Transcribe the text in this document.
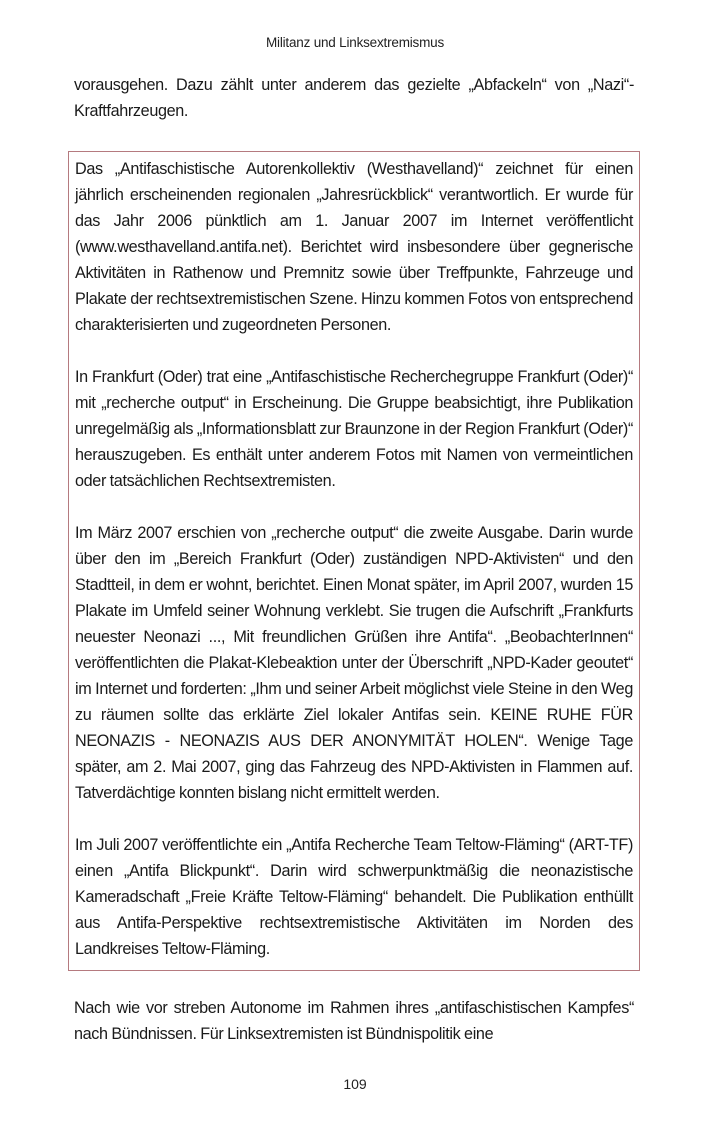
Militanz und Linksextremismus

vorausgehen. Dazu zählt unter anderem das gezielte „Abfackeln“ von „Nazi“-Kraftfahrzeugen.

Das „Antifaschistische Autorenkollektiv (Westhavelland)“ zeichnet für einen jährlich erscheinenden regionalen „Jahresrückblick“ verantwortlich. Er wurde für das Jahr 2006 pünktlich am 1. Januar 2007 im Internet veröffentlicht (www.westhavelland.antifa.net). Berichtet wird insbesondere über gegnerische Aktivitäten in Rathenow und Premnitz sowie über Treffpunkte, Fahrzeuge und Plakate der rechtsextremistischen Szene. Hinzu kommen Fotos von entsprechend charakterisierten und zugeordneten Personen.

In Frankfurt (Oder) trat eine „Antifaschistische Recherchegruppe Frankfurt (Oder)“ mit „recherche output“ in Erscheinung. Die Gruppe beabsichtigt, ihre Publikation unregelmäßig als „Informationsblatt zur Braunzone in der Region Frankfurt (Oder)“ herauszugeben. Es enthält unter anderem Fotos mit Namen von vermeintlichen oder tatsächlichen Rechtsextremisten.

Im März 2007 erschien von „recherche output“ die zweite Ausgabe. Darin wurde über den im „Bereich Frankfurt (Oder) zuständigen NPD-Aktivisten“ und den Stadtteil, in dem er wohnt, berichtet. Einen Monat später, im April 2007, wurden 15 Plakate im Umfeld seiner Wohnung verklebt. Sie trugen die Aufschrift „Frankfurts neuester Neonazi ..., Mit freundlichen Grüßen ihre Antifa“. „BeobachterInnen“ veröffentlichten die Plakat-Klebeaktion unter der Überschrift „NPD-Kader geoutet“ im Internet und forderten: „Ihm und seiner Arbeit möglichst viele Steine in den Weg zu räumen sollte das erklärte Ziel lokaler Antifas sein. KEINE RUHE FÜR NEONAZIS - NEONAZIS AUS DER ANONYMITÄT HOLEN“. Wenige Tage später, am 2. Mai 2007, ging das Fahrzeug des NPD-Aktivisten in Flammen auf. Tatverdächtige konnten bislang nicht ermittelt werden.

Im Juli 2007 veröffentlichte ein „Antifa Recherche Team Teltow-Fläming“ (ART-TF) einen „Antifa Blickpunkt“. Darin wird schwerpunktmäßig die neonazistische Kameradschaft „Freie Kräfte Teltow-Fläming“ behandelt. Die Publikation enthüllt aus Antifa-Perspektive rechtsextremistische Aktivitäten im Norden des Landkreises Teltow-Fläming.

Nach wie vor streben Autonome im Rahmen ihres „antifaschistischen Kampfes“ nach Bündnissen. Für Linksextremisten ist Bündnispolitik eine

109
